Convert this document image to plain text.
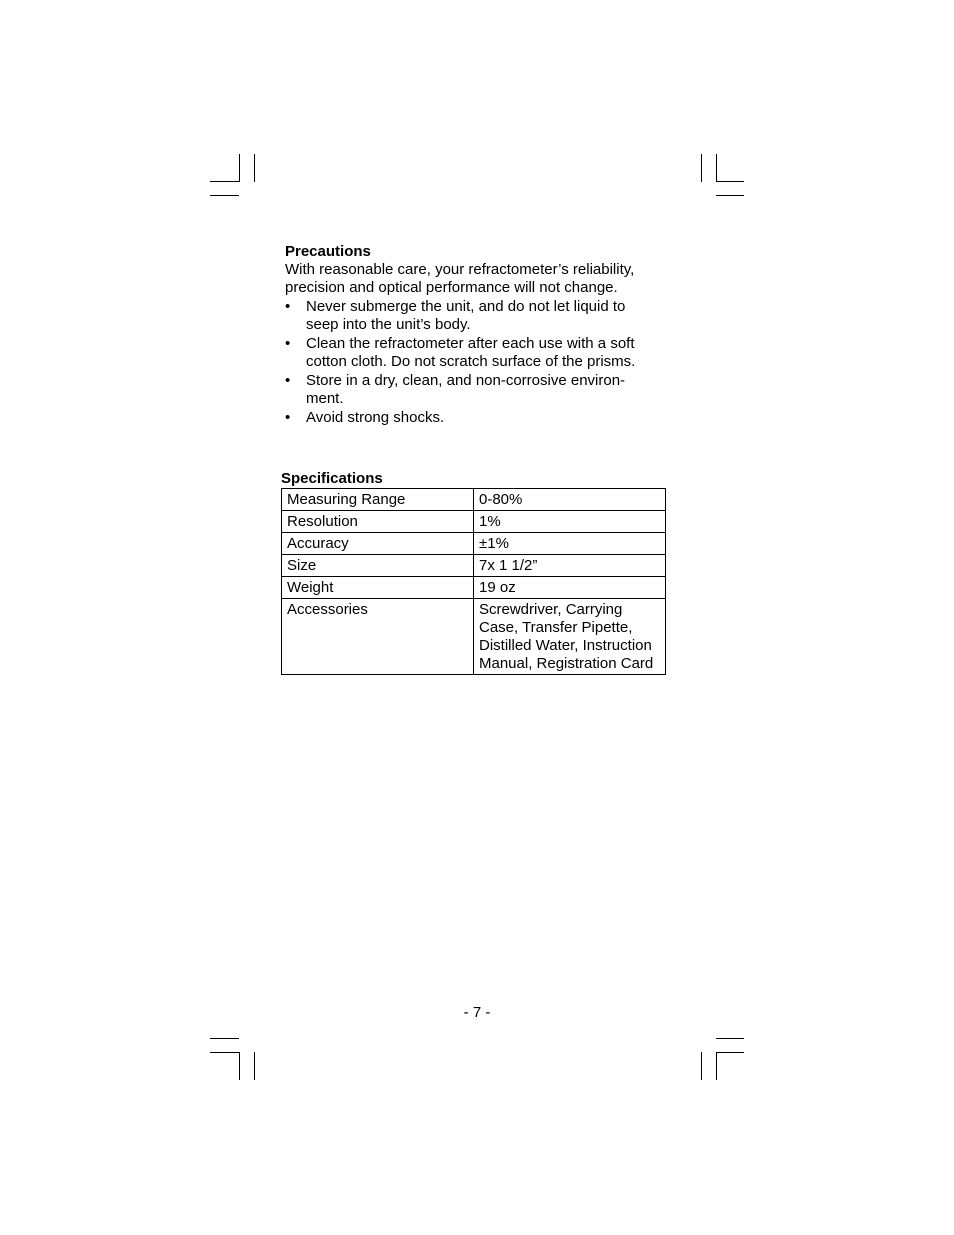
Precautions
With reasonable care, your refractometer’s reliability,
precision and optical performance will not change.
•	Never submerge the unit, and do not let liquid to
seep into the unit’s body.
•	Clean the refractometer after each use with a soft
cotton cloth. Do not scratch surface of the prisms.
•	Store in a dry, clean, and non-corrosive environ-
ment.
•	Avoid strong shocks.
Specifications
Measuring Range	0-80%
Resolution	1%
Accuracy	±1%
Size	7x 1 1/2”
Weight	19 oz
Accessories	Screwdriver, Carrying
Case, Transfer Pipette,
Distilled Water, Instruction
Manual, Registration Card
- 7 -
